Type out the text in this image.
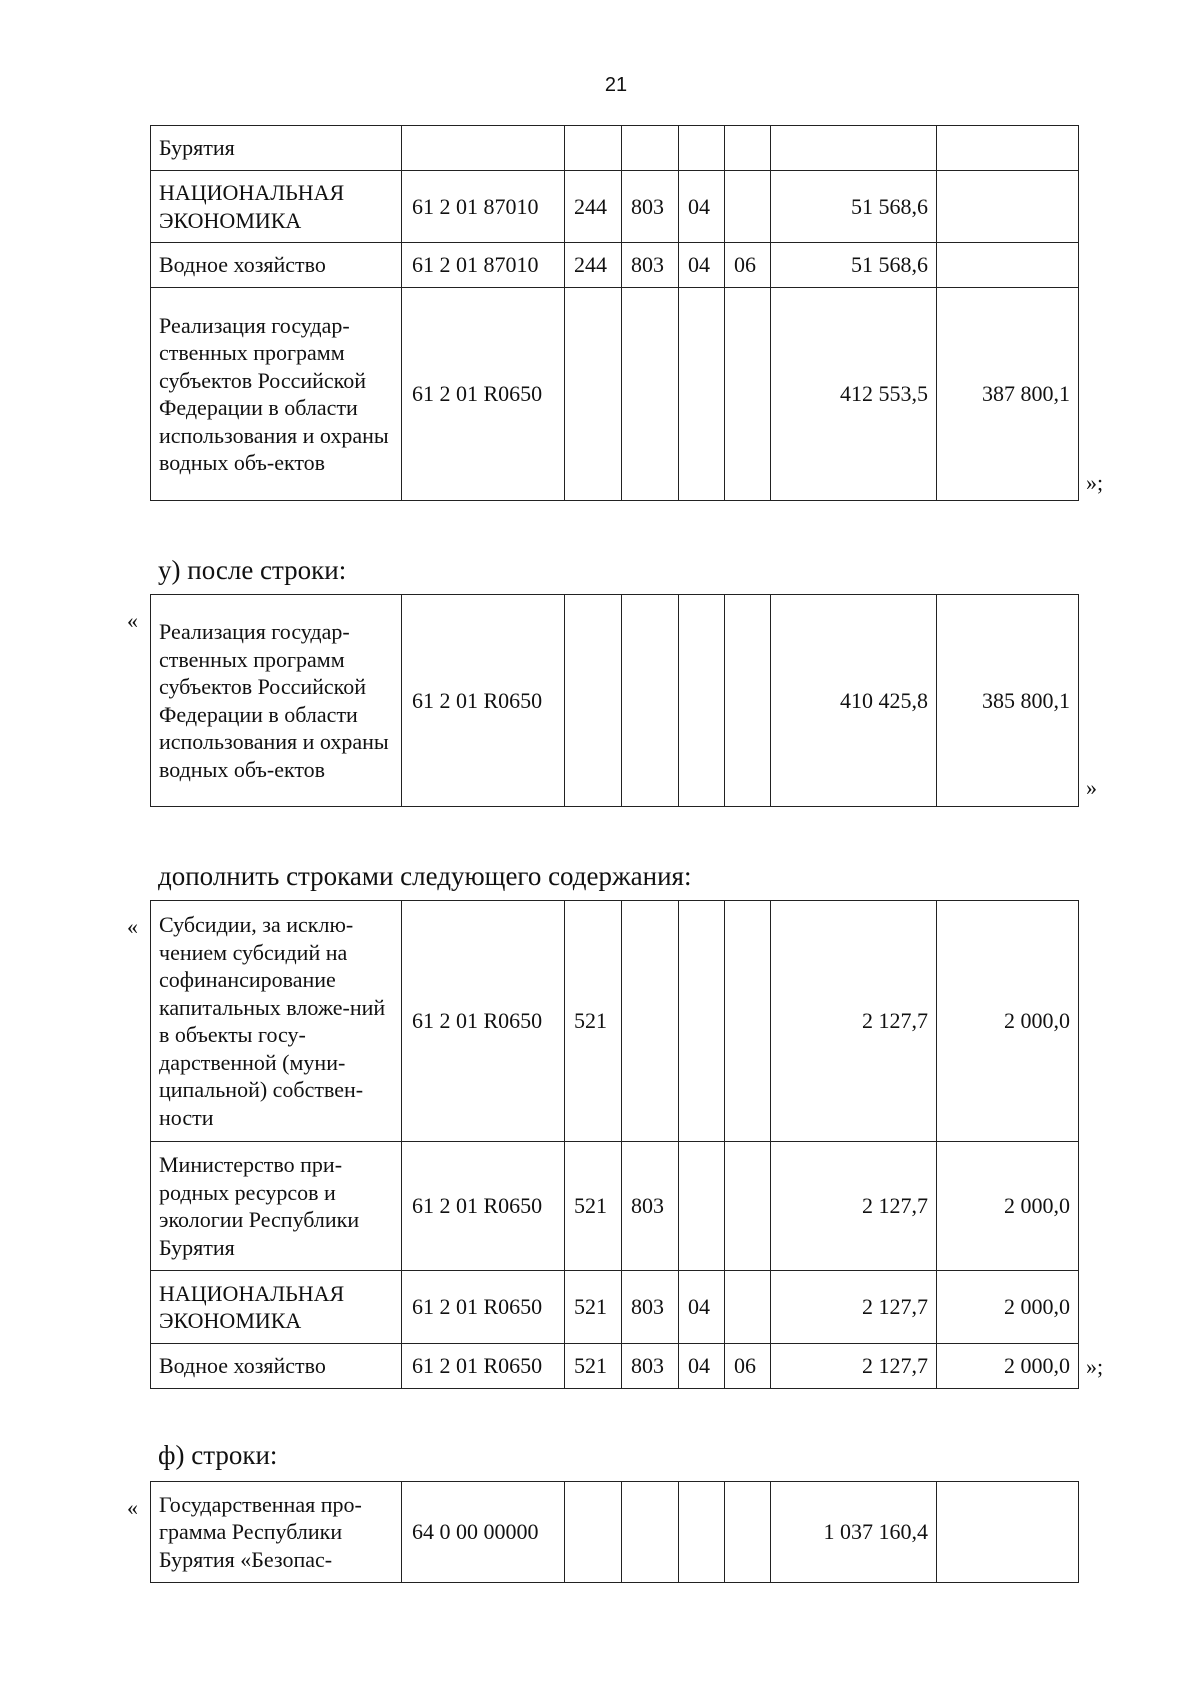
21
Бурятия							
НАЦИОНАЛЬНАЯ ЭКОНОМИКА	61 2 01 87010	244	803	04		51 568,6	
Водное хозяйство	61 2 01 87010	244	803	04	06	51 568,6	
Реализация государ-ственных программ субъектов Российской Федерации в области использования и охраны водных объ-ектов	61 2 01 R0650					412 553,5	387 800,1
»;
у) после строки:
« Реализация государ-ственных программ субъектов Российской Федерации в области использования и охраны водных объ-ектов	61 2 01 R0650					410 425,8	385 800,1
»
дополнить строками следующего содержания:
« Субсидии, за исклю-чением субсидий на софинансирование капитальных вложе-ний в объекты госу-дарственной (муни-ципальной) собствен-ности	61 2 01 R0650	521				2 127,7	2 000,0
Министерство при-родных ресурсов и экологии Республики Бурятия	61 2 01 R0650	521	803			2 127,7	2 000,0
НАЦИОНАЛЬНАЯ ЭКОНОМИКА	61 2 01 R0650	521	803	04		2 127,7	2 000,0
Водное хозяйство	61 2 01 R0650	521	803	04	06	2 127,7	2 000,0 »;
ф) строки:
« Государственная про-грамма Республики Бурятия «Безопас-	64 0 00 00000					1 037 160,4	
